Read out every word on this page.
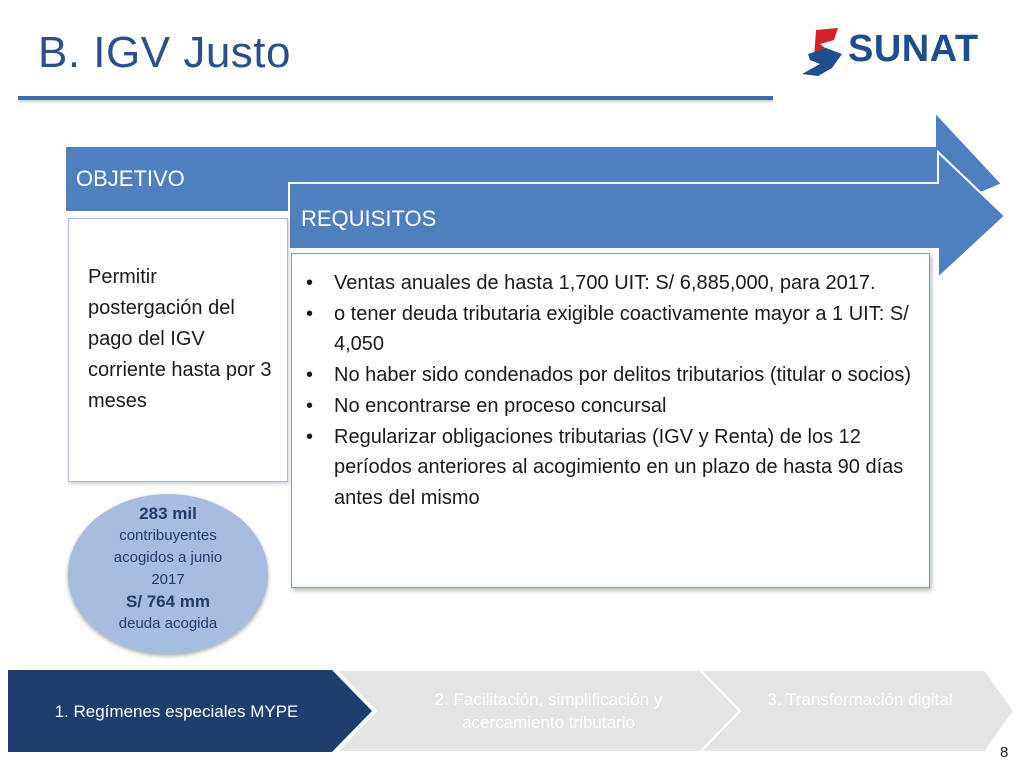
B. IGV Justo	SUNAT
OBJETIVO
REQUISITOS
Permitir postergación del pago del IGV corriente hasta por 3 meses
• Ventas anuales de hasta 1,700 UIT: S/ 6,885,000, para 2017.
• o tener deuda tributaria exigible coactivamente mayor a 1 UIT: S/ 4,050
• No haber sido condenados por delitos tributarios (titular o socios)
• No encontrarse en proceso concursal
• Regularizar obligaciones tributarias (IGV y Renta) de los 12 períodos anteriores al acogimiento en un plazo de hasta 90 días antes del mismo
283 mil
contribuyentes acogidos a junio 2017
S/ 764 mm
deuda acogida
1. Regímenes especiales MYPE
2. Facilitación, simplificación y acercamiento tributario
3. Transformación digital
8
